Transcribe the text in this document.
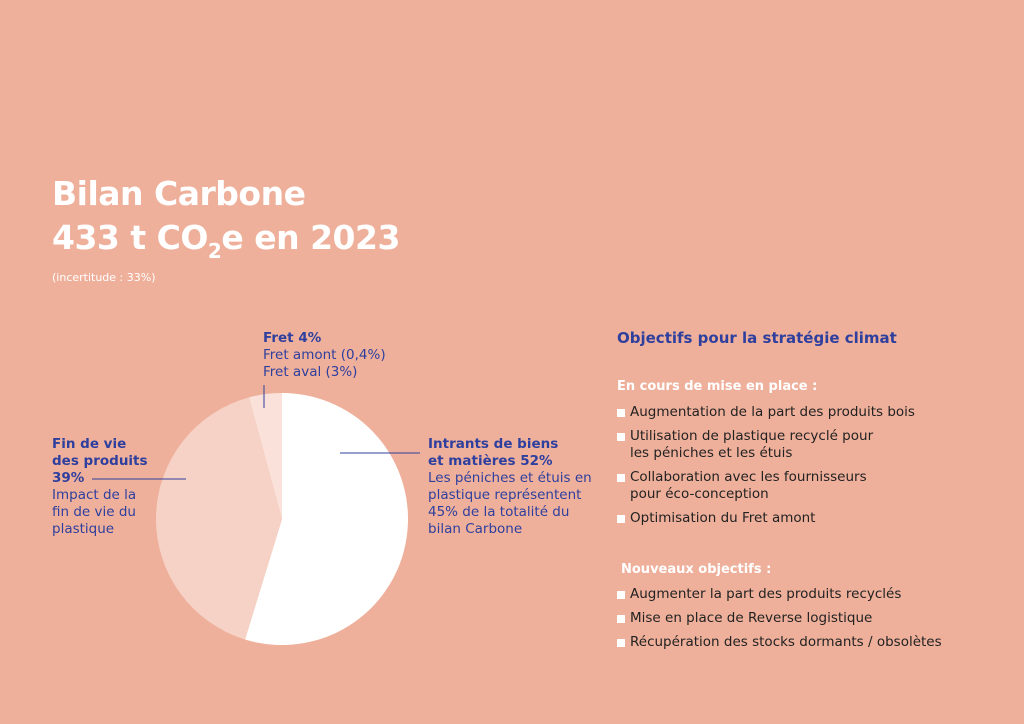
Bilan Carbone
433 t $CO_2e$ en 2023
(incertitude : 33%)
Fret 4%
Fret amont (0,4%)
Fret aval (3%)
Fin de vie
des produits
39%
Impact de la
fin de vie du
plastique
Intrants de biens
et matières 52%
Les péniches et étuis en
plastique représentent
45% de la totalité du
bilan Carbone
Objectifs pour la stratégie climat
En cours de mise en place :
Augmentation de la part des produits bois
Utilisation de plastique recyclé pour
les péniches et les étuis
Collaboration avec les fournisseurs
pour éco-conception
Optimisation du Fret amont
Nouveaux objectifs :
Augmenter la part des produits recyclés
Mise en place de Reverse logistique
Récupération des stocks dormants / obsolètes
